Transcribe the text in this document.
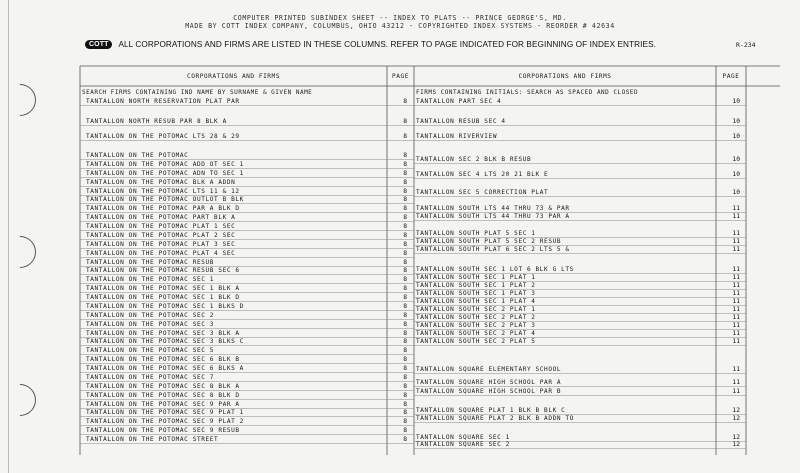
COMPUTER PRINTED SUBINDEX SHEET -- INDEX TO PLATS -- PRINCE GEORGE'S, MD.
MADE BY COTT INDEX COMPANY, COLUMBUS, OHIO 43212 - COPYRIGHTED INDEX SYSTEMS - REORDER # 42634
COTT	ALL CORPORATIONS AND FIRMS ARE LISTED IN THESE COLUMNS. REFER TO PAGE INDICATED FOR BEGINNING OF INDEX ENTRIES.	R-234
CORPORATIONS AND FIRMS	PAGE	CORPORATIONS AND FIRMS	PAGE
SEARCH FIRMS CONTAINING IND NAME BY SURNAME & GIVEN NAME	FIRMS CONTAINING INITIALS: SEARCH AS SPACED AND CLOSED
TANTALLON NORTH RESERVATION PLAT PAR	8
TANTALLON NORTH RESUB PAR 8 BLK A	8
TANTALLON ON THE POTOMAC LTS 28 & 29	8
TANTALLON ON THE POTOMAC	8
TANTALLON ON THE POTOMAC ADD OT SEC 1	8
TANTALLON ON THE POTOMAC ADN TO SEC 1	8
TANTALLON ON THE POTOMAC BLK A ADDN	8
TANTALLON ON THE POTOMAC LTS 11 & 12	8
TANTALLON ON THE POTOMAC OUTLOT B BLK	8
TANTALLON ON THE POTOMAC PAR A BLK D	8
TANTALLON ON THE POTOMAC PART BLK A	8
TANTALLON ON THE POTOMAC PLAT 1 SEC	8
TANTALLON ON THE POTOMAC PLAT 2 SEC	8
TANTALLON ON THE POTOMAC PLAT 3 SEC	8
TANTALLON ON THE POTOMAC PLAT 4 SEC	8
TANTALLON ON THE POTOMAC RESUB	8
TANTALLON ON THE POTOMAC RESUB SEC 6	8
TANTALLON ON THE POTOMAC SEC 1	8
TANTALLON ON THE POTOMAC SEC 1 BLK A	8
TANTALLON ON THE POTOMAC SEC 1 BLK D	8
TANTALLON ON THE POTOMAC SEC 1 BLKS D	8
TANTALLON ON THE POTOMAC SEC 2	8
TANTALLON ON THE POTOMAC SEC 3	8
TANTALLON ON THE POTOMAC SEC 3 BLK A	8
TANTALLON ON THE POTOMAC SEC 3 BLKS C	8
TANTALLON ON THE POTOMAC SEC 5	8
TANTALLON ON THE POTOMAC SEC 6 BLK B	8
TANTALLON ON THE POTOMAC SEC 6 BLKS A	8
TANTALLON ON THE POTOMAC SEC 7	8
TANTALLON ON THE POTOMAC SEC 8 BLK A	8
TANTALLON ON THE POTOMAC SEC 8 BLK D	8
TANTALLON ON THE POTOMAC SEC 9 PAR A	8
TANTALLON ON THE POTOMAC SEC 9 PLAT 1	8
TANTALLON ON THE POTOMAC SEC 9 PLAT 2	8
TANTALLON ON THE POTOMAC SEC 9 RESUB	8
TANTALLON ON THE POTOMAC STREET	8
TANTALLON PART SEC 4	10
TANTALLON RESUB SEC 4	10
TANTALLON RIVERVIEW	10
TANTALLON SEC 2 BLK B RESUB	10
TANTALLON SEC 4 LTS 20 21 BLK E	10
TANTALLON SEC 5 CORRECTION PLAT	10
TANTALLON SOUTH LTS 44 THRU 73 & PAR	11
TANTALLON SOUTH LTS 44 THRU 73 PAR A	11
TANTALLON SOUTH PLAT 5 SEC 1	11
TANTALLON SOUTH PLAT 5 SEC 2 RESUB	11
TANTALLON SOUTH PLAT 6 SEC 2 LTS 5 &	11
TANTALLON SOUTH SEC 1 LOT 6 BLK G LTS	11
TANTALLON SOUTH SEC 1 PLAT 1	11
TANTALLON SOUTH SEC 1 PLAT 2	11
TANTALLON SOUTH SEC 1 PLAT 3	11
TANTALLON SOUTH SEC 1 PLAT 4	11
TANTALLON SOUTH SEC 2 PLAT 1	11
TANTALLON SOUTH SEC 2 PLAT 2	11
TANTALLON SOUTH SEC 2 PLAT 3	11
TANTALLON SOUTH SEC 2 PLAT 4	11
TANTALLON SOUTH SEC 2 PLAT 5	11
TANTALLON SQUARE ELEMENTARY SCHOOL	11
TANTALLON SQUARE HIGH SCHOOL PAR A	11
TANTALLON SQUARE HIGH SCHOOL PAR B	11
TANTALLON SQUARE PLAT 1 BLK B BLK C	12
TANTALLON SQUARE PLAT 2 BLK B ADDN TO	12
TANTALLON SQUARE SEC 1	12
TANTALLON SQUARE SEC 2	12
